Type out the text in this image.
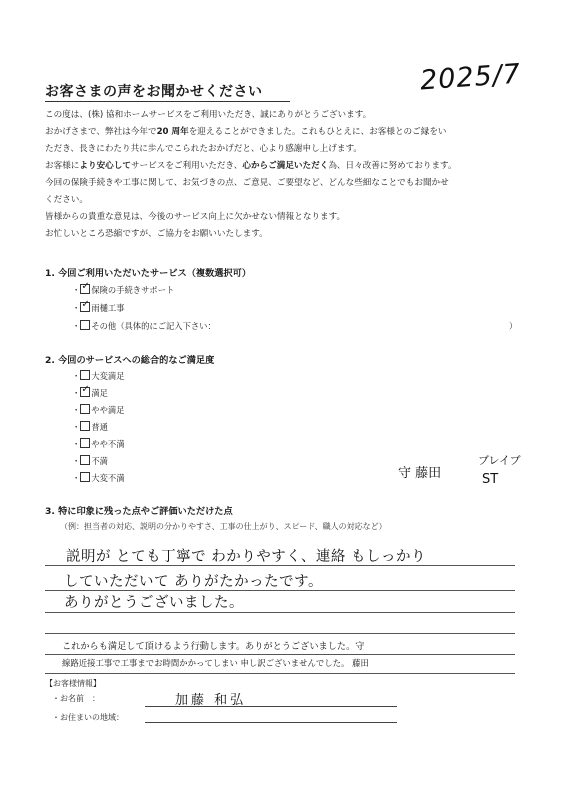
お客さまの声をお聞かせください	2025/7
この度は、(株) 協和ホームサービスをご利用いただき、誠にありがとうございます。
おかげさまで、弊社は今年で20 周年を迎えることができました。これもひとえに、お客様とのご縁をい
ただき、長きにわたり共に歩んでこられたおかげだと、心より感謝申し上げます。
お客様により安心してサービスをご利用いただき、心からご満足いただく為、日々改善に努めております。
今回の保険手続きや工事に関して、お気づきの点、ご意見、ご要望など、どんな些細なことでもお聞かせ
ください。
皆様からの貴重な意見は、今後のサービス向上に欠かせない情報となります。
お忙しいところ恐縮ですが、ご協力をお願いいたします。
1. 今回ご利用いただいたサービス（複数選択可）
・ ✓ 保険の手続きサポート
・ ✓ 雨樋工事
・ その他（具体的にご記入下さい：	）
2. 今回のサービスへの総合的なご満足度
・ 大変満足
・ ✓ 満足
・ やや満足
・ 普通
・ やや不満
・ 不満
・ 大変不満	守 藤田
ブレイブ
ST
3. 特に印象に残った点やご評価いただけた点
（例：担当者の対応、説明の分かりやすさ、工事の仕上がり、スピード、職人の対応など）
説明が とても丁寧で わかりやすく、連絡 もしっかり
していただいて ありがたかったです。
ありがとうございました。
これからも満足して頂けるよう行動します。ありがとうございました。守
線路近接工事で工事までお時間かかってしまい 申し訳ございませんでした。 藤田
【お客様情報】
・お名前　：	加藤 和弘
・お住まいの地域：
